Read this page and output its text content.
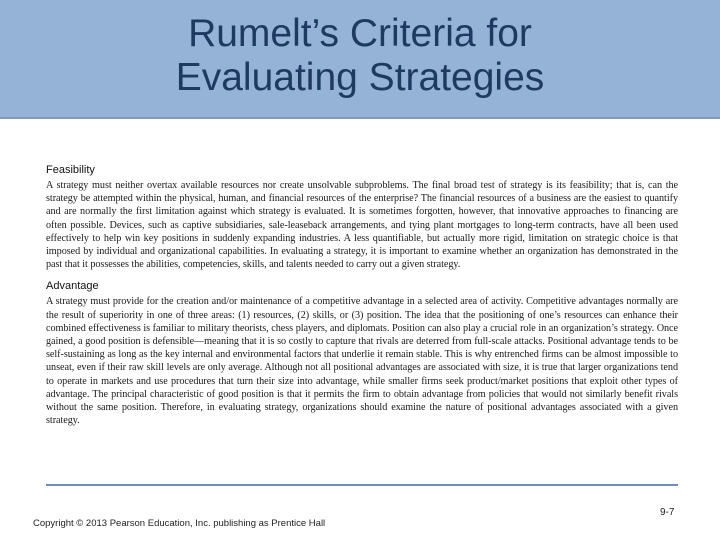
Rumelt’s Criteria for
Evaluating Strategies
Feasibility

A strategy must neither overtax available resources nor create unsolvable subproblems. The final broad test of strategy is its feasibility; that is, can the strategy be attempted within the physical, human, and financial resources of the enterprise? The financial resources of a business are the easiest to quantify and are normally the first limitation against which strategy is evaluated. It is sometimes forgotten, however, that innovative approaches to financing are often possible. Devices, such as captive subsidiaries, sale-leaseback arrangements, and tying plant mortgages to long-term contracts, have all been used effectively to help win key positions in suddenly expanding industries. A less quantifiable, but actually more rigid, limitation on strategic choice is that imposed by individual and organizational capabilities. In evaluating a strategy, it is important to examine whether an organization has demonstrated in the past that it possesses the abilities, competencies, skills, and talents needed to carry out a given strategy.

Advantage

A strategy must provide for the creation and/or maintenance of a competitive advantage in a selected area of activity. Competitive advantages normally are the result of superiority in one of three areas: (1) resources, (2) skills, or (3) position. The idea that the positioning of one’s resources can enhance their combined effectiveness is familiar to military theorists, chess players, and diplomats. Position can also play a crucial role in an organization’s strategy. Once gained, a good position is defensible—meaning that it is so costly to capture that rivals are deterred from full-scale attacks. Positional advantage tends to be self-sustaining as long as the key internal and environmental factors that underlie it remain stable. This is why entrenched firms can be almost impossible to unseat, even if their raw skill levels are only average. Although not all positional advantages are associated with size, it is true that larger organizations tend to operate in markets and use procedures that turn their size into advantage, while smaller firms seek product/market positions that exploit other types of advantage. The principal characteristic of good position is that it permits the firm to obtain advantage from policies that would not similarly benefit rivals without the same position. Therefore, in evaluating strategy, organizations should examine the nature of positional advantages associated with a given strategy.

Copyright © 2013 Pearson Education, Inc. publishing as Prentice Hall
9-7
